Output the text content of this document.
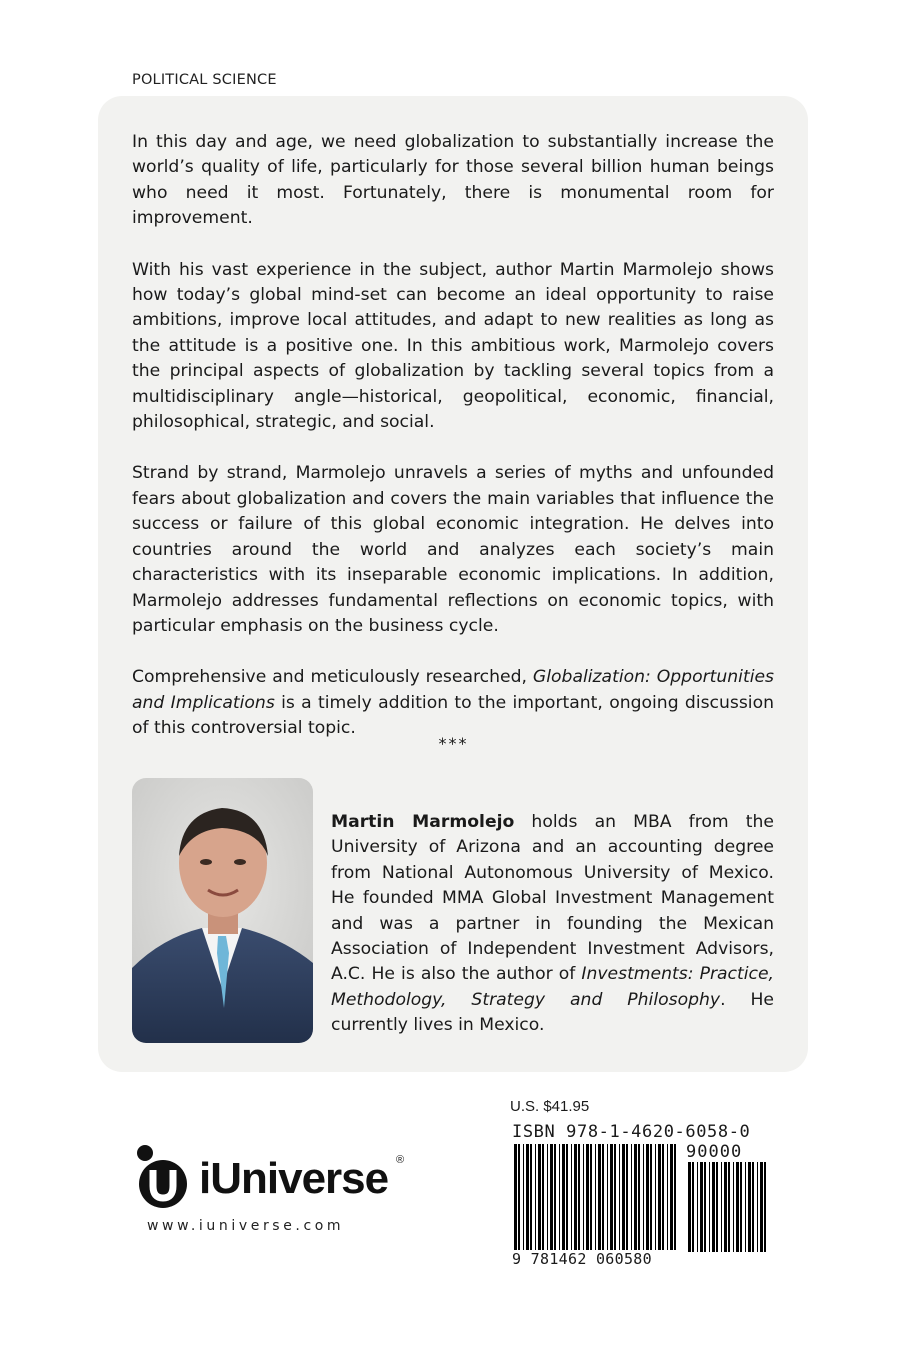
POLITICAL SCIENCE

In this day and age, we need globalization to substantially increase the world’s quality of life, particularly for those several billion human beings who need it most. Fortunately, there is monumental room for improvement.

With his vast experience in the subject, author Martin Marmolejo shows how today’s global mind-set can become an ideal opportunity to raise ambitions, improve local attitudes, and adapt to new realities as long as the attitude is a positive one. In this ambitious work, Marmolejo covers the principal aspects of globalization by tackling several topics from a multidisciplinary angle—historical, geopolitical, economic, financial, philosophical, strategic, and social.

Strand by strand, Marmolejo unravels a series of myths and unfounded fears about globalization and covers the main variables that influence the success or failure of this global economic integration. He delves into countries around the world and analyzes each society’s main characteristics with its inseparable economic implications. In addition, Marmolejo addresses fundamental reflections on economic topics, with particular emphasis on the business cycle.

Comprehensive and meticulously researched, Globalization: Opportunities and Implications is a timely addition to the important, ongoing discussion of this controversial topic.

***
Martin Marmolejo holds an MBA from the University of Arizona and an accounting degree from National Autonomous University of Mexico. He founded MMA Global Investment Management and was a partner in founding the Mexican Association of Independent Investment Advisors, A.C. He is also the author of Investments: Practice, Methodology, Strategy and Philosophy. He currently lives in Mexico.
iUniverse ®
www.iuniverse.com
U.S. $41.95
ISBN 978-1-4620-6058-0
90000
9 781462 060580
